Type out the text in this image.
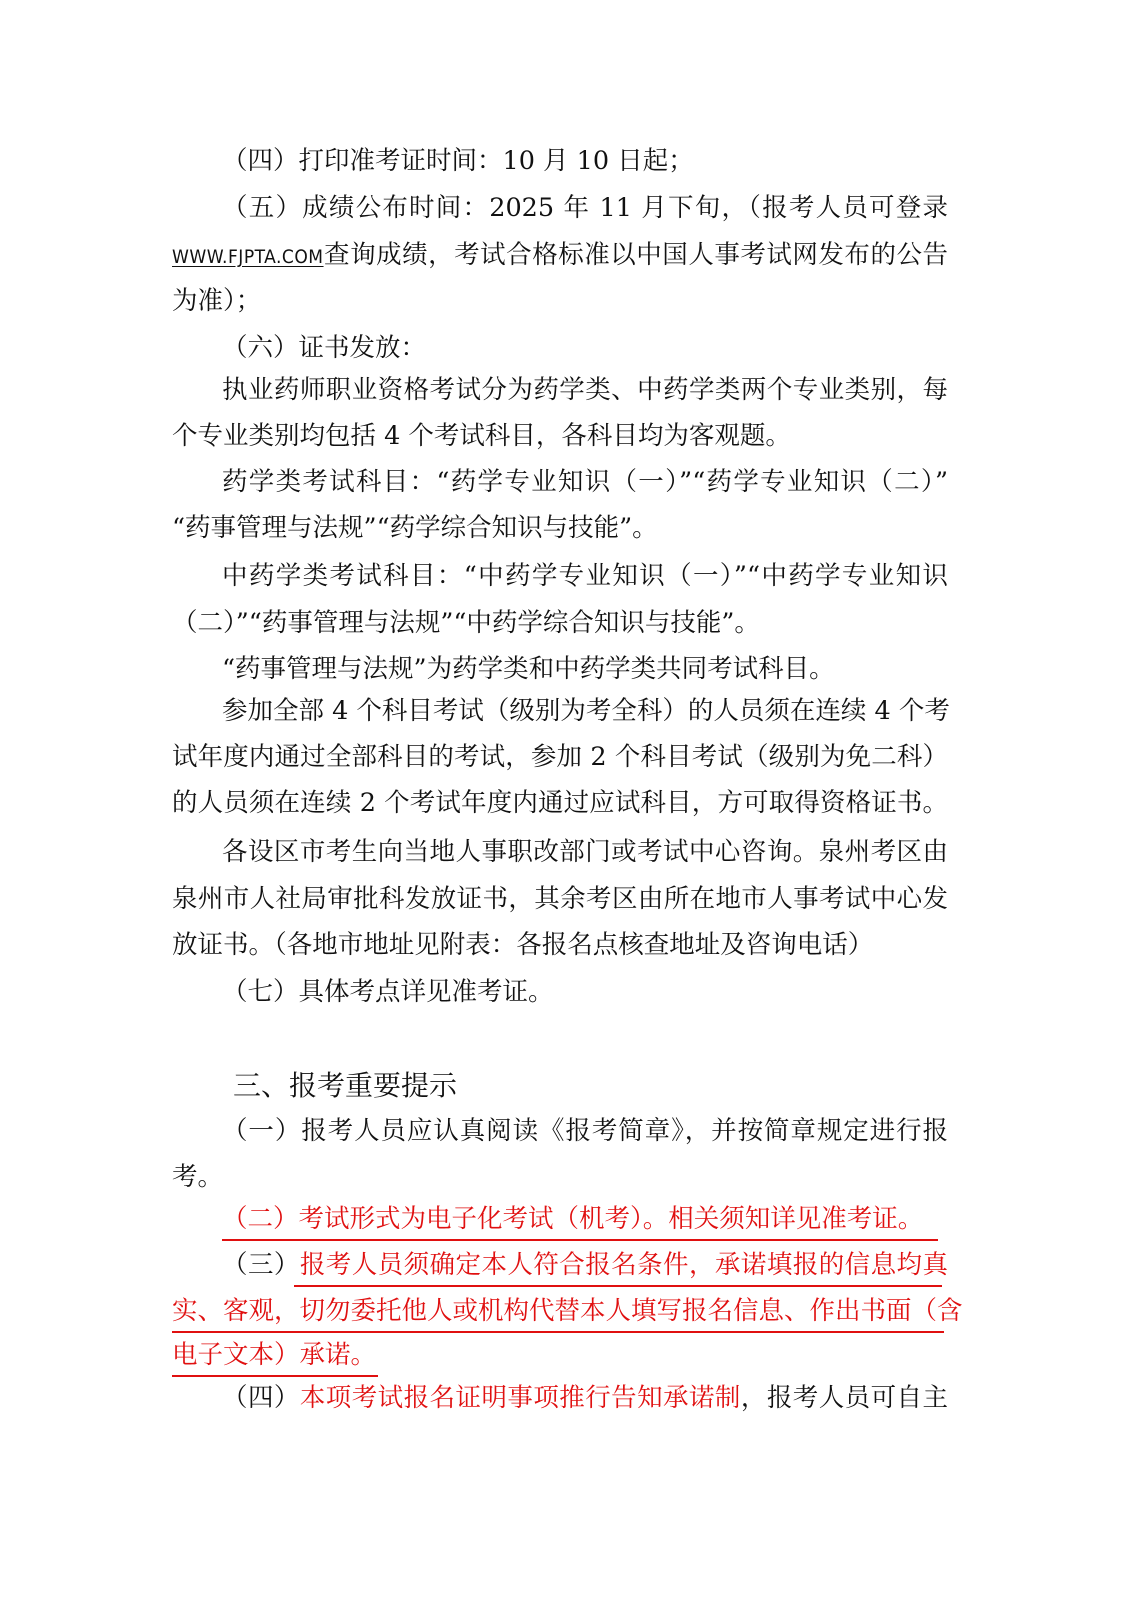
（四）打印准考证时间：10 月 10 日起；

（五）成绩公布时间：2025 年 11 月下旬，（报考人员可登录

WWW.FJPTA.COM查询成绩，考试合格标准以中国人事考试网发布的公告

为准）；

（六）证书发放：

执业药师职业资格考试分为药学类、中药学类两个专业类别，每

个专业类别均包括 4 个考试科目，各科目均为客观题。

药学类考试科目：“药学专业知识（一）”“药学专业知识（二）”

“药事管理与法规”“药学综合知识与技能”。

中药学类考试科目：“中药学专业知识（一）”“中药学专业知识

（二）”“药事管理与法规”“中药学综合知识与技能”。

“药事管理与法规”为药学类和中药学类共同考试科目。

参加全部 4 个科目考试（级别为考全科）的人员须在连续 4 个考

试年度内通过全部科目的考试，参加 2 个科目考试（级别为免二科）

的人员须在连续 2 个考试年度内通过应试科目，方可取得资格证书。

各设区市考生向当地人事职改部门或考试中心咨询。泉州考区由

泉州市人社局审批科发放证书，其余考区由所在地市人事考试中心发

放证书。（各地市地址见附表：各报名点核查地址及咨询电话）

（七）具体考点详见准考证。

三、报考重要提示

（一）报考人员应认真阅读《报考简章》，并按简章规定进行报

考。

（二）考试形式为电子化考试（机考）。相关须知详见准考证。

（三）报考人员须确定本人符合报名条件，承诺填报的信息均真

实、客观，切勿委托他人或机构代替本人填写报名信息、作出书面（含

电子文本）承诺。

（四）本项考试报名证明事项推行告知承诺制，报考人员可自主
